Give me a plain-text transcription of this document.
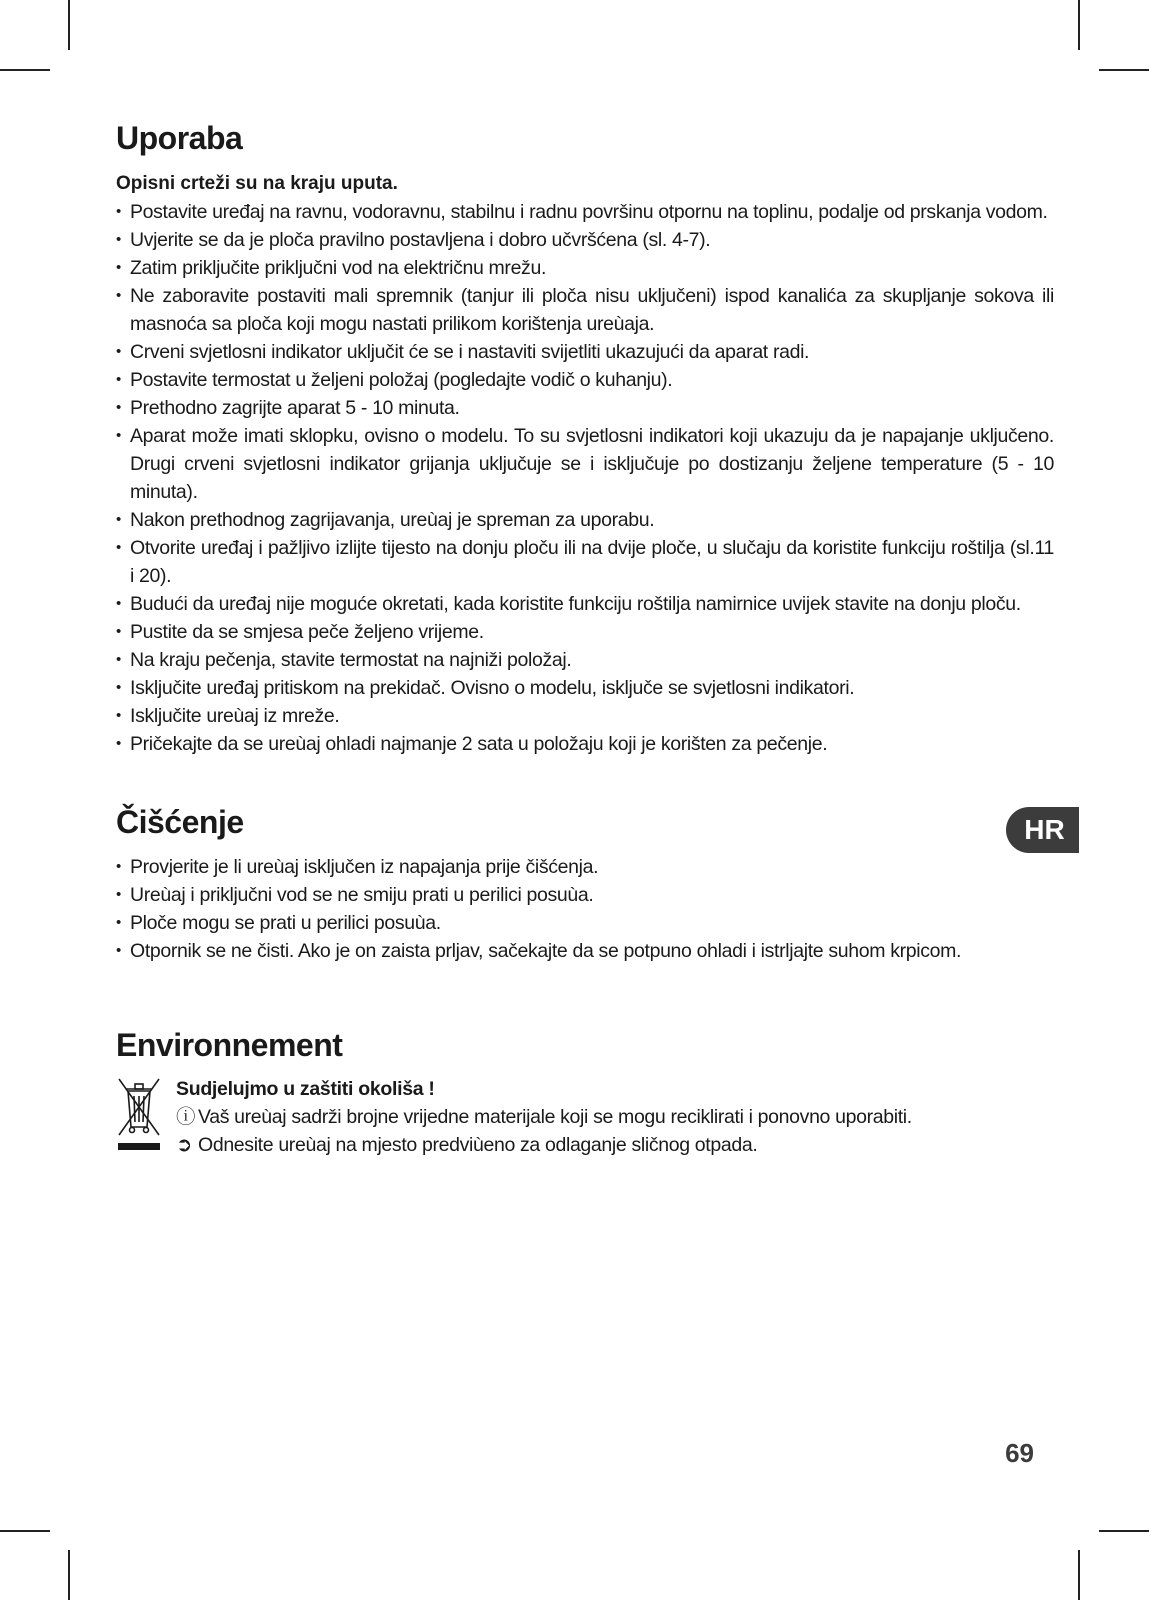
Uporaba
Opisni crteži su na kraju uputa.
• Postavite uređaj na ravnu, vodoravnu, stabilnu i radnu površinu otpornu na toplinu, podalje od prskanja vodom.
• Uvjerite se da je ploča pravilno postavljena i dobro učvršćena (sl. 4-7).
• Zatim priključite priključni vod na električnu mrežu.
• Ne zaboravite postaviti mali spremnik (tanjur ili ploča nisu uključeni) ispod kanalića za skupljanje sokova ili masnoća sa ploča koji mogu nastati prilikom korištenja ureùaja.
• Crveni svjetlosni indikator uključit će se i nastaviti svijetliti ukazujući da aparat radi.
• Postavite termostat u željeni položaj (pogledajte vodič o kuhanju).
• Prethodno zagrijte aparat 5 - 10 minuta.
• Aparat može imati sklopku, ovisno o modelu. To su svjetlosni indikatori koji ukazuju da je napajanje uključeno. Drugi crveni svjetlosni indikator grijanja uključuje se i isključuje po dostizanju željene temperature (5 - 10 minuta).
• Nakon prethodnog zagrijavanja, ureùaj je spreman za uporabu.
• Otvorite uređaj i pažljivo izlijte tijesto na donju ploču ili na dvije ploče, u slučaju da koristite funkciju roštilja (sl.11 i 20).
• Budući da uređaj nije moguće okretati, kada koristite funkciju roštilja namirnice uvijek stavite na donju ploču.
• Pustite da se smjesa peče željeno vrijeme.
• Na kraju pečenja, stavite termostat na najniži položaj.
• Isključite uređaj pritiskom na prekidač. Ovisno o modelu, isključe se svjetlosni indikatori.
• Isključite ureùaj iz mreže.
• Pričekajte da se ureùaj ohladi najmanje 2 sata u položaju koji je korišten za pečenje.
Čišćenje
• Provjerite je li ureùaj isključen iz napajanja prije čišćenja.
• Ureùaj i priključni vod se ne smiju prati u perilici posuùa.
• Ploče mogu se prati u perilici posuùa.
• Otpornik se ne čisti. Ako je on zaista prljav, sačekajte da se potpuno ohladi i istrljajte suhom krpicom.
Environnement
Sudjelujmo u zaštiti okoliša !
ⓘ Vaš ureùaj sadrži brojne vrijedne materijale koji se mogu reciklirati i ponovno uporabiti.
➲ Odnesite ureùaj na mjesto predviùeno za odlaganje sličnog otpada.
HR
69
